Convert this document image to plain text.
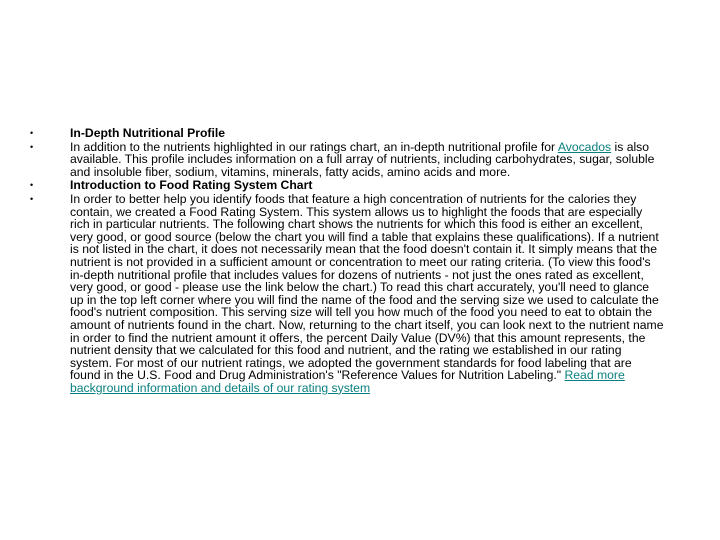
•	In-Depth Nutritional Profile
•	In addition to the nutrients highlighted in our ratings chart, an in-depth nutritional profile for Avocados is also available. This profile includes information on a full array of nutrients, including carbohydrates, sugar, soluble and insoluble fiber, sodium, vitamins, minerals, fatty acids, amino acids and more.
•	Introduction to Food Rating System Chart
•	In order to better help you identify foods that feature a high concentration of nutrients for the calories they contain, we created a Food Rating System. This system allows us to highlight the foods that are especially rich in particular nutrients. The following chart shows the nutrients for which this food is either an excellent, very good, or good source (below the chart you will find a table that explains these qualifications). If a nutrient is not listed in the chart, it does not necessarily mean that the food doesn't contain it. It simply means that the nutrient is not provided in a sufficient amount or concentration to meet our rating criteria. (To view this food's in-depth nutritional profile that includes values for dozens of nutrients - not just the ones rated as excellent, very good, or good - please use the link below the chart.) To read this chart accurately, you'll need to glance up in the top left corner where you will find the name of the food and the serving size we used to calculate the food's nutrient composition. This serving size will tell you how much of the food you need to eat to obtain the amount of nutrients found in the chart. Now, returning to the chart itself, you can look next to the nutrient name in order to find the nutrient amount it offers, the percent Daily Value (DV%) that this amount represents, the nutrient density that we calculated for this food and nutrient, and the rating we established in our rating system. For most of our nutrient ratings, we adopted the government standards for food labeling that are found in the U.S. Food and Drug Administration's "Reference Values for Nutrition Labeling." Read more background information and details of our rating system
